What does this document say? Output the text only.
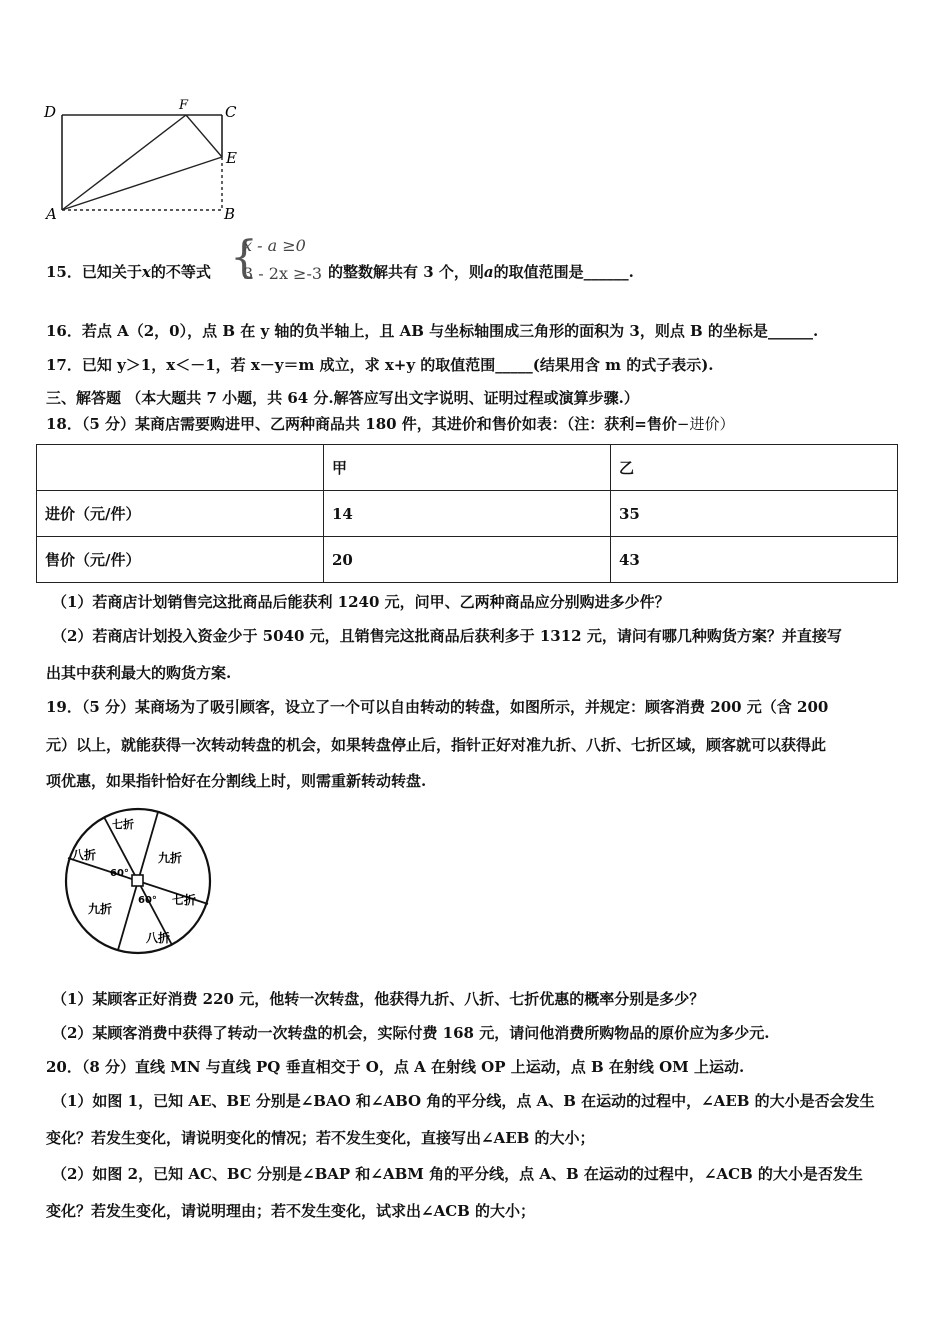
D	F C
E
A	B
15．已知关于x的不等式 {
x - a ≥0
3 - 2x ≥-3 的整数解共有 3 个，则a的取值范围是______.
16．若点 A（2，0），点 B 在 y 轴的负半轴上，且 AB 与坐标轴围成三角形的面积为 3，则点 B 的坐标是______.
17．已知 y＞1，x＜－1，若 x－y＝m 成立，求 x+y 的取值范围_____(结果用含 m 的式子表示).
三、解答题 （本大题共 7 小题，共 64 分.解答应写出文字说明、证明过程或演算步骤.）
18．（5 分）某商店需要购进甲、乙两种商品共 180 件，其进价和售价如表：（注：获利=售价−进价）
	甲	乙
进价（元/件）	14	35
售价（元/件）	20	43
（1）若商店计划销售完这批商品后能获利 1240 元，问甲、乙两种商品应分别购进多少件？
（2）若商店计划投入资金少于 5040 元，且销售完这批商品后获利多于 1312 元，请问有哪几种购货方案？并直接写
出其中获利最大的购货方案.
19．（5 分）某商场为了吸引顾客，设立了一个可以自由转动的转盘，如图所示，并规定：顾客消费 200 元（含 200
元）以上，就能获得一次转动转盘的机会，如果转盘停止后，指针正好对准九折、八折、七折区域，顾客就可以获得此
项优惠，如果指针恰好在分割线上时，则需重新转动转盘.
七折
八折	九折
七折
九折
八折
60°
60°
（1）某顾客正好消费 220 元，他转一次转盘，他获得九折、八折、七折优惠的概率分别是多少？
（2）某顾客消费中获得了转动一次转盘的机会，实际付费 168 元，请问他消费所购物品的原价应为多少元.
20．（8 分）直线 MN 与直线 PQ 垂直相交于 O，点 A 在射线 OP 上运动，点 B 在射线 OM 上运动.
（1）如图 1，已知 AE、BE 分别是∠BAO 和∠ABO 角的平分线，点 A、B 在运动的过程中，∠AEB 的大小是否会发生
变化？若发生变化，请说明变化的情况；若不发生变化，直接写出∠AEB 的大小；
（2）如图 2，已知 AC、BC 分别是∠BAP 和∠ABM 角的平分线，点 A、B 在运动的过程中，∠ACB 的大小是否发生
变化？若发生变化，请说明理由；若不发生变化，试求出∠ACB 的大小；
